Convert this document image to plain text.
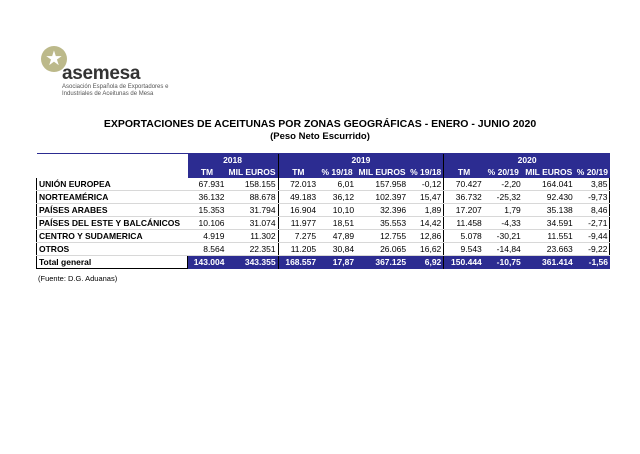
★
asemesa
Asociación Española de Exportadores e Industriales de Aceitunas de Mesa
EXPORTACIONES DE ACEITUNAS POR ZONAS GEOGRÁFICAS - ENERO - JUNIO 2020
(Peso Neto Escurrido)
	2018		2019				2020			
	TM	MIL EUROS	TM	% 19/18	MIL EUROS	% 19/18	TM	% 20/19	MIL EUROS	% 20/19
UNIÓN EUROPEA	67.931	158.155	72.013	6,01	157.958	-0,12	70.427	-2,20	164.041	3,85
NORTEAMÉRICA	36.132	88.678	49.183	36,12	102.397	15,47	36.732	-25,32	92.430	-9,73
PAÍSES ARABES	15.353	31.794	16.904	10,10	32.396	1,89	17.207	1,79	35.138	8,46
PAÍSES DEL ESTE Y BALCÁNICOS	10.106	31.074	11.977	18,51	35.553	14,42	11.458	-4,33	34.591	-2,71
CENTRO Y SUDAMERICA	4.919	11.302	7.275	47,89	12.755	12,86	5.078	-30,21	11.551	-9,44
OTROS	8.564	22.351	11.205	30,84	26.065	16,62	9.543	-14,84	23.663	-9,22
Total general	143.004	343.355	168.557	17,87	367.125	6,92	150.444	-10,75	361.414	-1,56
(Fuente: D.G. Aduanas)
